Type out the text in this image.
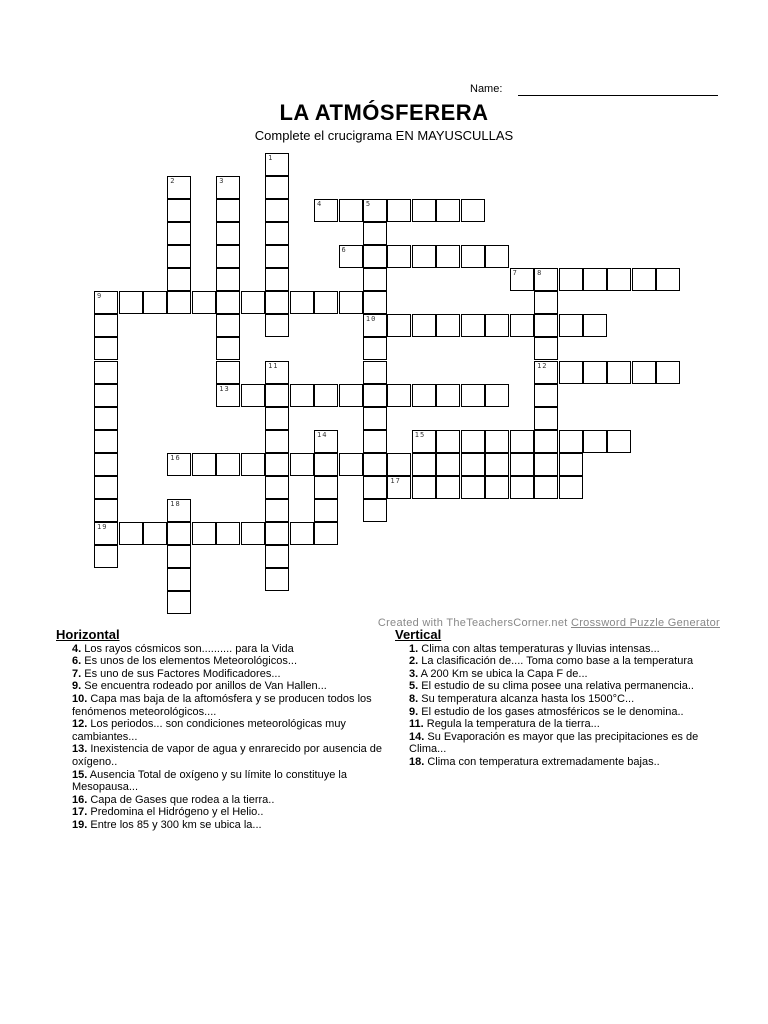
Name:
LA ATMÓSFERERA
Complete el crucigrama EN MAYUSCULLAS
1
2	3
4	5
10
6
7	8
12
9
19
11
13
14	15
16
17
18
Created with TheTeachersCorner.net Crossword Puzzle Generator
Horizontal

4. Los rayos cósmicos son.......... para la Vida

6. Es unos de los elementos Meteorológicos...

7. Es uno de sus Factores Modificadores...

9. Se encuentra rodeado por anillos de Van Hallen...

10. Capa mas baja de la aftomósfera y se producen todos los fenómenos meteorológicos....

12. Los periodos... son condiciones meteorológicas muy cambiantes...

13. Inexistencia de vapor de agua y enrarecido por ausencia de oxígeno..

15. Ausencia Total de oxígeno y su límite lo constituye la Mesopausa...

16. Capa de Gases que rodea a la tierra..

17. Predomina el Hidrógeno y el Helio..

19. Entre los 85 y 300 km se ubica la...

Vertical

1. Clima con altas temperaturas y lluvias intensas...

2. La clasificación de.... Toma como base a la temperatura

3. A 200 Km se ubica la Capa F de...

5. El estudio de su clima posee una relativa permanencia..

8. Su temperatura alcanza hasta los 1500°C...

9. El estudio de los gases atmosféricos se le denomina..

11. Regula la temperatura de la tierra...

14. Su Evaporación es mayor que las precipitaciones es de Clima...

18. Clima con temperatura extremadamente bajas..
